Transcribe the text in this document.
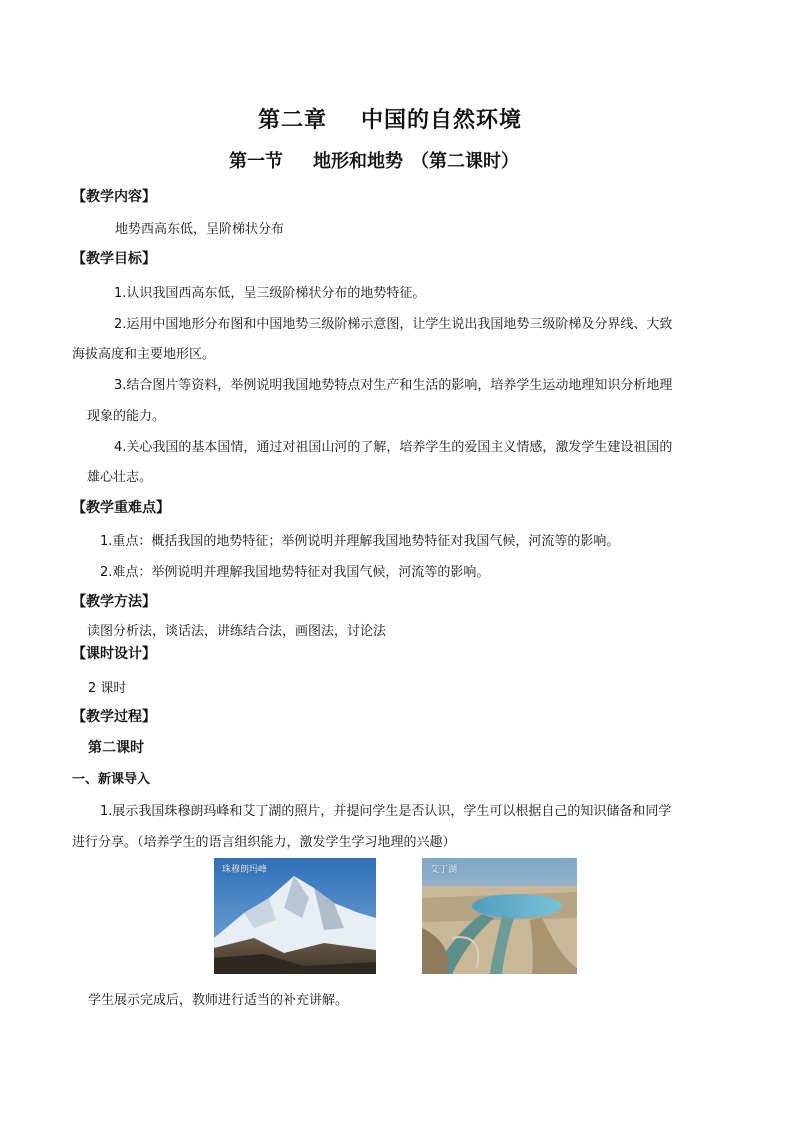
第二章 中国的自然环境
第一节 地形和地势 （第二课时）
【教学内容】
地势西高东低，呈阶梯状分布
【教学目标】
1.认识我国西高东低，呈三级阶梯状分布的地势特征。
2.运用中国地形分布图和中国地势三级阶梯示意图，让学生说出我国地势三级阶梯及分界线、大致
海拔高度和主要地形区。
3.结合图片等资料，举例说明我国地势特点对生产和生活的影响，培养学生运动地理知识分析地理
现象的能力。
4.关心我国的基本国情，通过对祖国山河的了解，培养学生的爱国主义情感，激发学生建设祖国的
雄心壮志。
【教学重难点】
1.重点：概括我国的地势特征；举例说明并理解我国地势特征对我国气候，河流等的影响。
2.难点：举例说明并理解我国地势特征对我国气候，河流等的影响。
【教学方法】
读图分析法，谈话法，讲练结合法，画图法，讨论法
【课时设计】
2 课时
【教学过程】
第二课时
一、新课导入
1.展示我国珠穆朗玛峰和艾丁湖的照片，并提问学生是否认识，学生可以根据自己的知识储备和同学
进行分享。（培养学生的语言组织能力，激发学生学习地理的兴趣）
珠穆朗玛峰	艾丁湖
学生展示完成后，教师进行适当的补充讲解。
